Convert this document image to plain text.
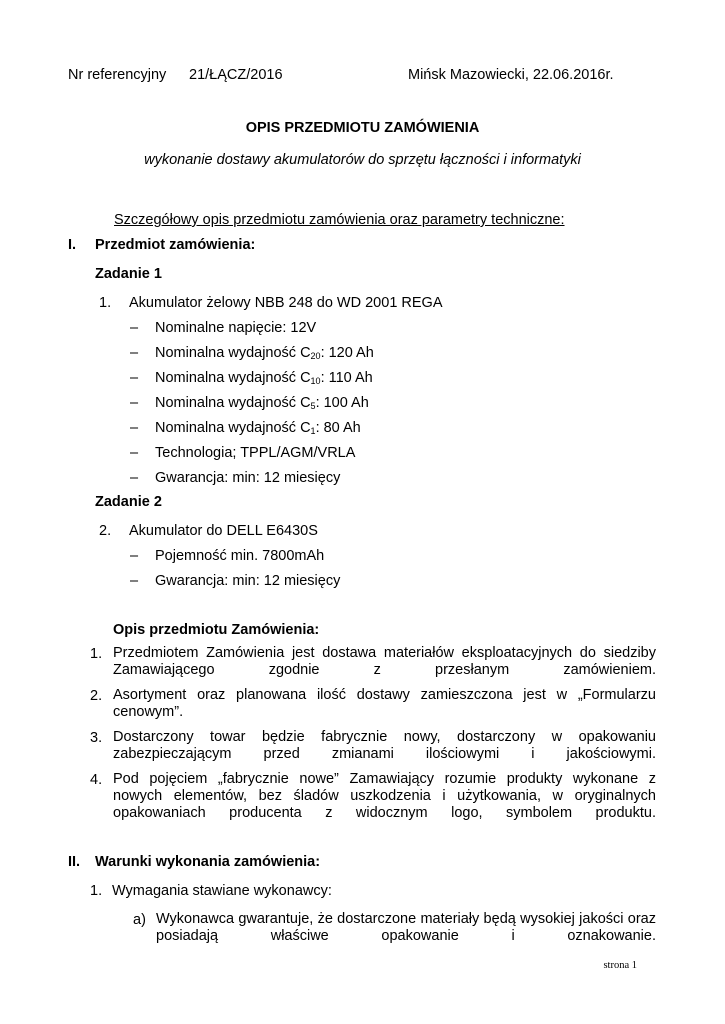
Nr referencyjny 21/ŁĄCZ/2016	Mińsk Mazowiecki, 22.06.2016r.
OPIS PRZEDMIOTU ZAMÓWIENIA
wykonanie dostawy akumulatorów do sprzętu łączności i informatyki
Szczegółowy opis przedmiotu zamówienia oraz parametry techniczne:
I. Przedmiot zamówienia:
Zadanie 1
1. Akumulator żelowy NBB 248 do WD 2001 REGA
– Nominalne napięcie: 12V
– Nominalna wydajność $C_{20}$: 120 Ah
– Nominalna wydajność $C_{10}$: 110 Ah
– Nominalna wydajność $C_5$: 100 Ah
– Nominalna wydajność $C_1$: 80 Ah
– Technologia; TPPL/AGM/VRLA
– Gwarancja: min: 12 miesięcy
Zadanie 2
2. Akumulator do DELL E6430S
– Pojemność min. 7800mAh
– Gwarancja: min: 12 miesięcy
Opis przedmiotu Zamówienia:
1. Przedmiotem Zamówienia jest dostawa materiałów eksploatacyjnych do siedziby Zamawiającego zgodnie z przesłanym zamówieniem.
2. Asortyment oraz planowana ilość dostawy zamieszczona jest w „Formularzu cenowym”.
3. Dostarczony towar będzie fabrycznie nowy, dostarczony w opakowaniu zabezpieczającym przed zmianami ilościowymi i jakościowymi.
4. Pod pojęciem „fabrycznie nowe” Zamawiający rozumie produkty wykonane z nowych elementów, bez śladów uszkodzenia i użytkowania, w oryginalnych opakowaniach producenta z widocznym logo, symbolem produktu.
II. Warunki wykonania zamówienia:
1. Wymagania stawiane wykonawcy:
a) Wykonawca gwarantuje, że dostarczone materiały będą wysokiej jakości oraz posiadają właściwe opakowanie i oznakowanie.
strona 1
